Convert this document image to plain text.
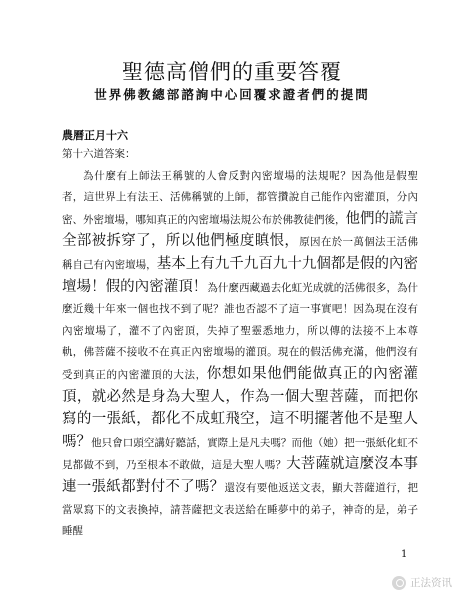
聖德高僧們的重要答覆
世界佛教總部諮詢中心回覆求證者們的提問
農曆正月十六
第十六道答案：
為什麼有上師法王稱號的人會反對內密壇場的法規呢？因為他是假聖者，這世界上有法王、活佛稱號的上師，都管攢說自己能作內密灌頂，分內密、外密壇場，哪知真正的內密壇場法規公布於佛教徒們後，他們的謊言全部被拆穿了，所以他們極度瞋恨，原因在於一萬個法王活佛稱自己有內密壇場，基本上有九千九百九十九個都是假的內密壇場！假的內密灌頂！為什麼西藏過去化虹光成就的活佛很多，為什麼近幾十年來一個也找不到了呢？誰也否認不了這一事實吧！因為現在沒有內密壇場了，灌不了內密頂，失掉了聖靈悉地力，所以傳的法接不上本尊軌，佛菩薩不接收不在真正內密壇場的灌頂。現在的假活佛充滿，他們沒有受到真正的內密灌頂的大法，你想如果他們能做真正的內密灌頂，就必然是身為大聖人，作為一個大聖菩薩，而把你寫的一張紙，都化不成虹飛空，這不明擺著他不是聖人嗎？他只會口頭空講好聽話，實際上是凡夫嗎？而他（她）把一張紙化虹不見都做不到，乃至根本不敢做，這是大聖人嗎？大菩薩就這麼沒本事連一張紙都對付不了嗎？還沒有要他返送文表，顯大菩薩道行，把當眾寫下的文表換掉，請菩薩把文表送給在睡夢中的弟子，神奇的是，弟子睡醒
1
正法资讯
